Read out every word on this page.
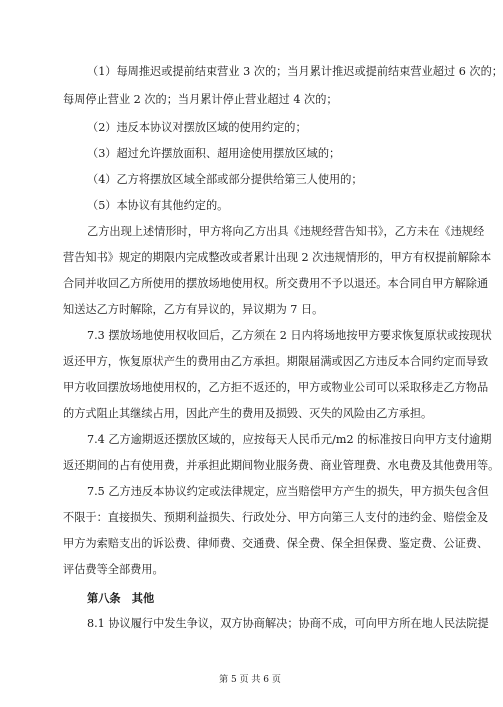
（1）每周推迟或提前结束营业 3 次的；当月累计推迟或提前结束营业超过 6 次的；
每周停止营业 2 次的；当月累计停止营业超过 4 次的；
（2）违反本协议对摆放区域的使用约定的；
（3）超过允许摆放面积、超用途使用摆放区域的；
（4）乙方将摆放区域全部或部分提供给第三人使用的；
（5）本协议有其他约定的。
乙方出现上述情形时，甲方将向乙方出具《违规经营告知书》，乙方未在《违规经
营告知书》规定的期限内完成整改或者累计出现 2 次违规情形的，甲方有权提前解除本
合同并收回乙方所使用的摆放场地使用权。所交费用不予以退还。本合同自甲方解除通
知送达乙方时解除，乙方有异议的，异议期为 7 日。
7.3 摆放场地使用权收回后，乙方须在 2 日内将场地按甲方要求恢复原状或按现状
返还甲方，恢复原状产生的费用由乙方承担。期限届满或因乙方违反本合同约定而导致
甲方收回摆放场地使用权的，乙方拒不返还的，甲方或物业公司可以采取移走乙方物品
的方式阻止其继续占用，因此产生的费用及损毁、灭失的风险由乙方承担。
7.4 乙方逾期返还摆放区域的，应按每天人民币元/m2 的标准按日向甲方支付逾期
返还期间的占有使用费，并承担此期间物业服务费、商业管理费、水电费及其他费用等。
7.5 乙方违反本协议约定或法律规定，应当赔偿甲方产生的损失，甲方损失包含但
不限于：直接损失、预期利益损失、行政处分、甲方向第三人支付的违约金、赔偿金及
甲方为索赔支出的诉讼费、律师费、交通费、保全费、保全担保费、鉴定费、公证费、
评估费等全部费用。
第八条　其他
8.1 协议履行中发生争议，双方协商解决；协商不成，可向甲方所在地人民法院提
第 5 页 共 6 页
